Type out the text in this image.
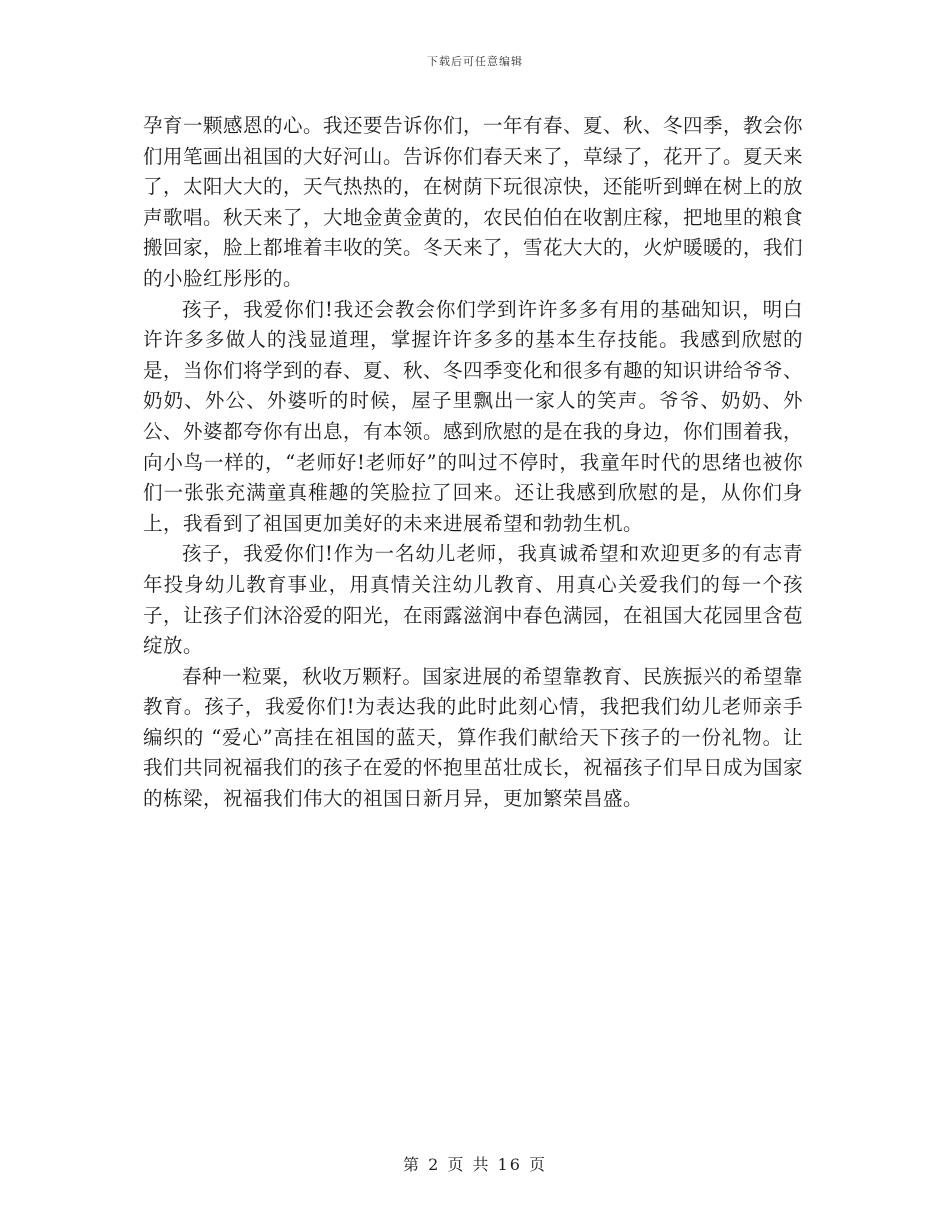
下载后可任意编辑

孕育一颗感恩的心。我还要告诉你们，一年有春、夏、秋、冬四季，教会你们用笔画出祖国的大好河山。告诉你们春天来了，草绿了，花开了。夏天来了，太阳大大的，天气热热的，在树荫下玩很凉快，还能听到蝉在树上的放声歌唱。秋天来了，大地金黄金黄的，农民伯伯在收割庄稼，把地里的粮食搬回家，脸上都堆着丰收的笑。冬天来了，雪花大大的，火炉暖暖的，我们的小脸红彤彤的。

孩子，我爱你们!我还会教会你们学到许许多多有用的基础知识，明白许许多多做人的浅显道理，掌握许许多多的基本生存技能。我感到欣慰的是，当你们将学到的春、夏、秋、冬四季变化和很多有趣的知识讲给爷爷、奶奶、外公、外婆听的时候，屋子里飘出一家人的笑声。爷爷、奶奶、外公、外婆都夸你有出息，有本领。感到欣慰的是在我的身边，你们围着我，向小鸟一样的，“老师好!老师好”的叫过不停时，我童年时代的思绪也被你们一张张充满童真稚趣的笑脸拉了回来。还让我感到欣慰的是，从你们身上，我看到了祖国更加美好的未来进展希望和勃勃生机。

孩子，我爱你们!作为一名幼儿老师，我真诚希望和欢迎更多的有志青年投身幼儿教育事业，用真情关注幼儿教育、用真心关爱我们的每一个孩子，让孩子们沐浴爱的阳光，在雨露滋润中春色满园，在祖国大花园里含苞绽放。

春种一粒粟，秋收万颗籽。国家进展的希望靠教育、民族振兴的希望靠教育。孩子，我爱你们!为表达我的此时此刻心情，我把我们幼儿老师亲手编织的 “爱心”高挂在祖国的蓝天，算作我们献给天下孩子的一份礼物。让我们共同祝福我们的孩子在爱的怀抱里茁壮成长，祝福孩子们早日成为国家的栋梁，祝福我们伟大的祖国日新月异，更加繁荣昌盛。

第 2 页 共 16 页
